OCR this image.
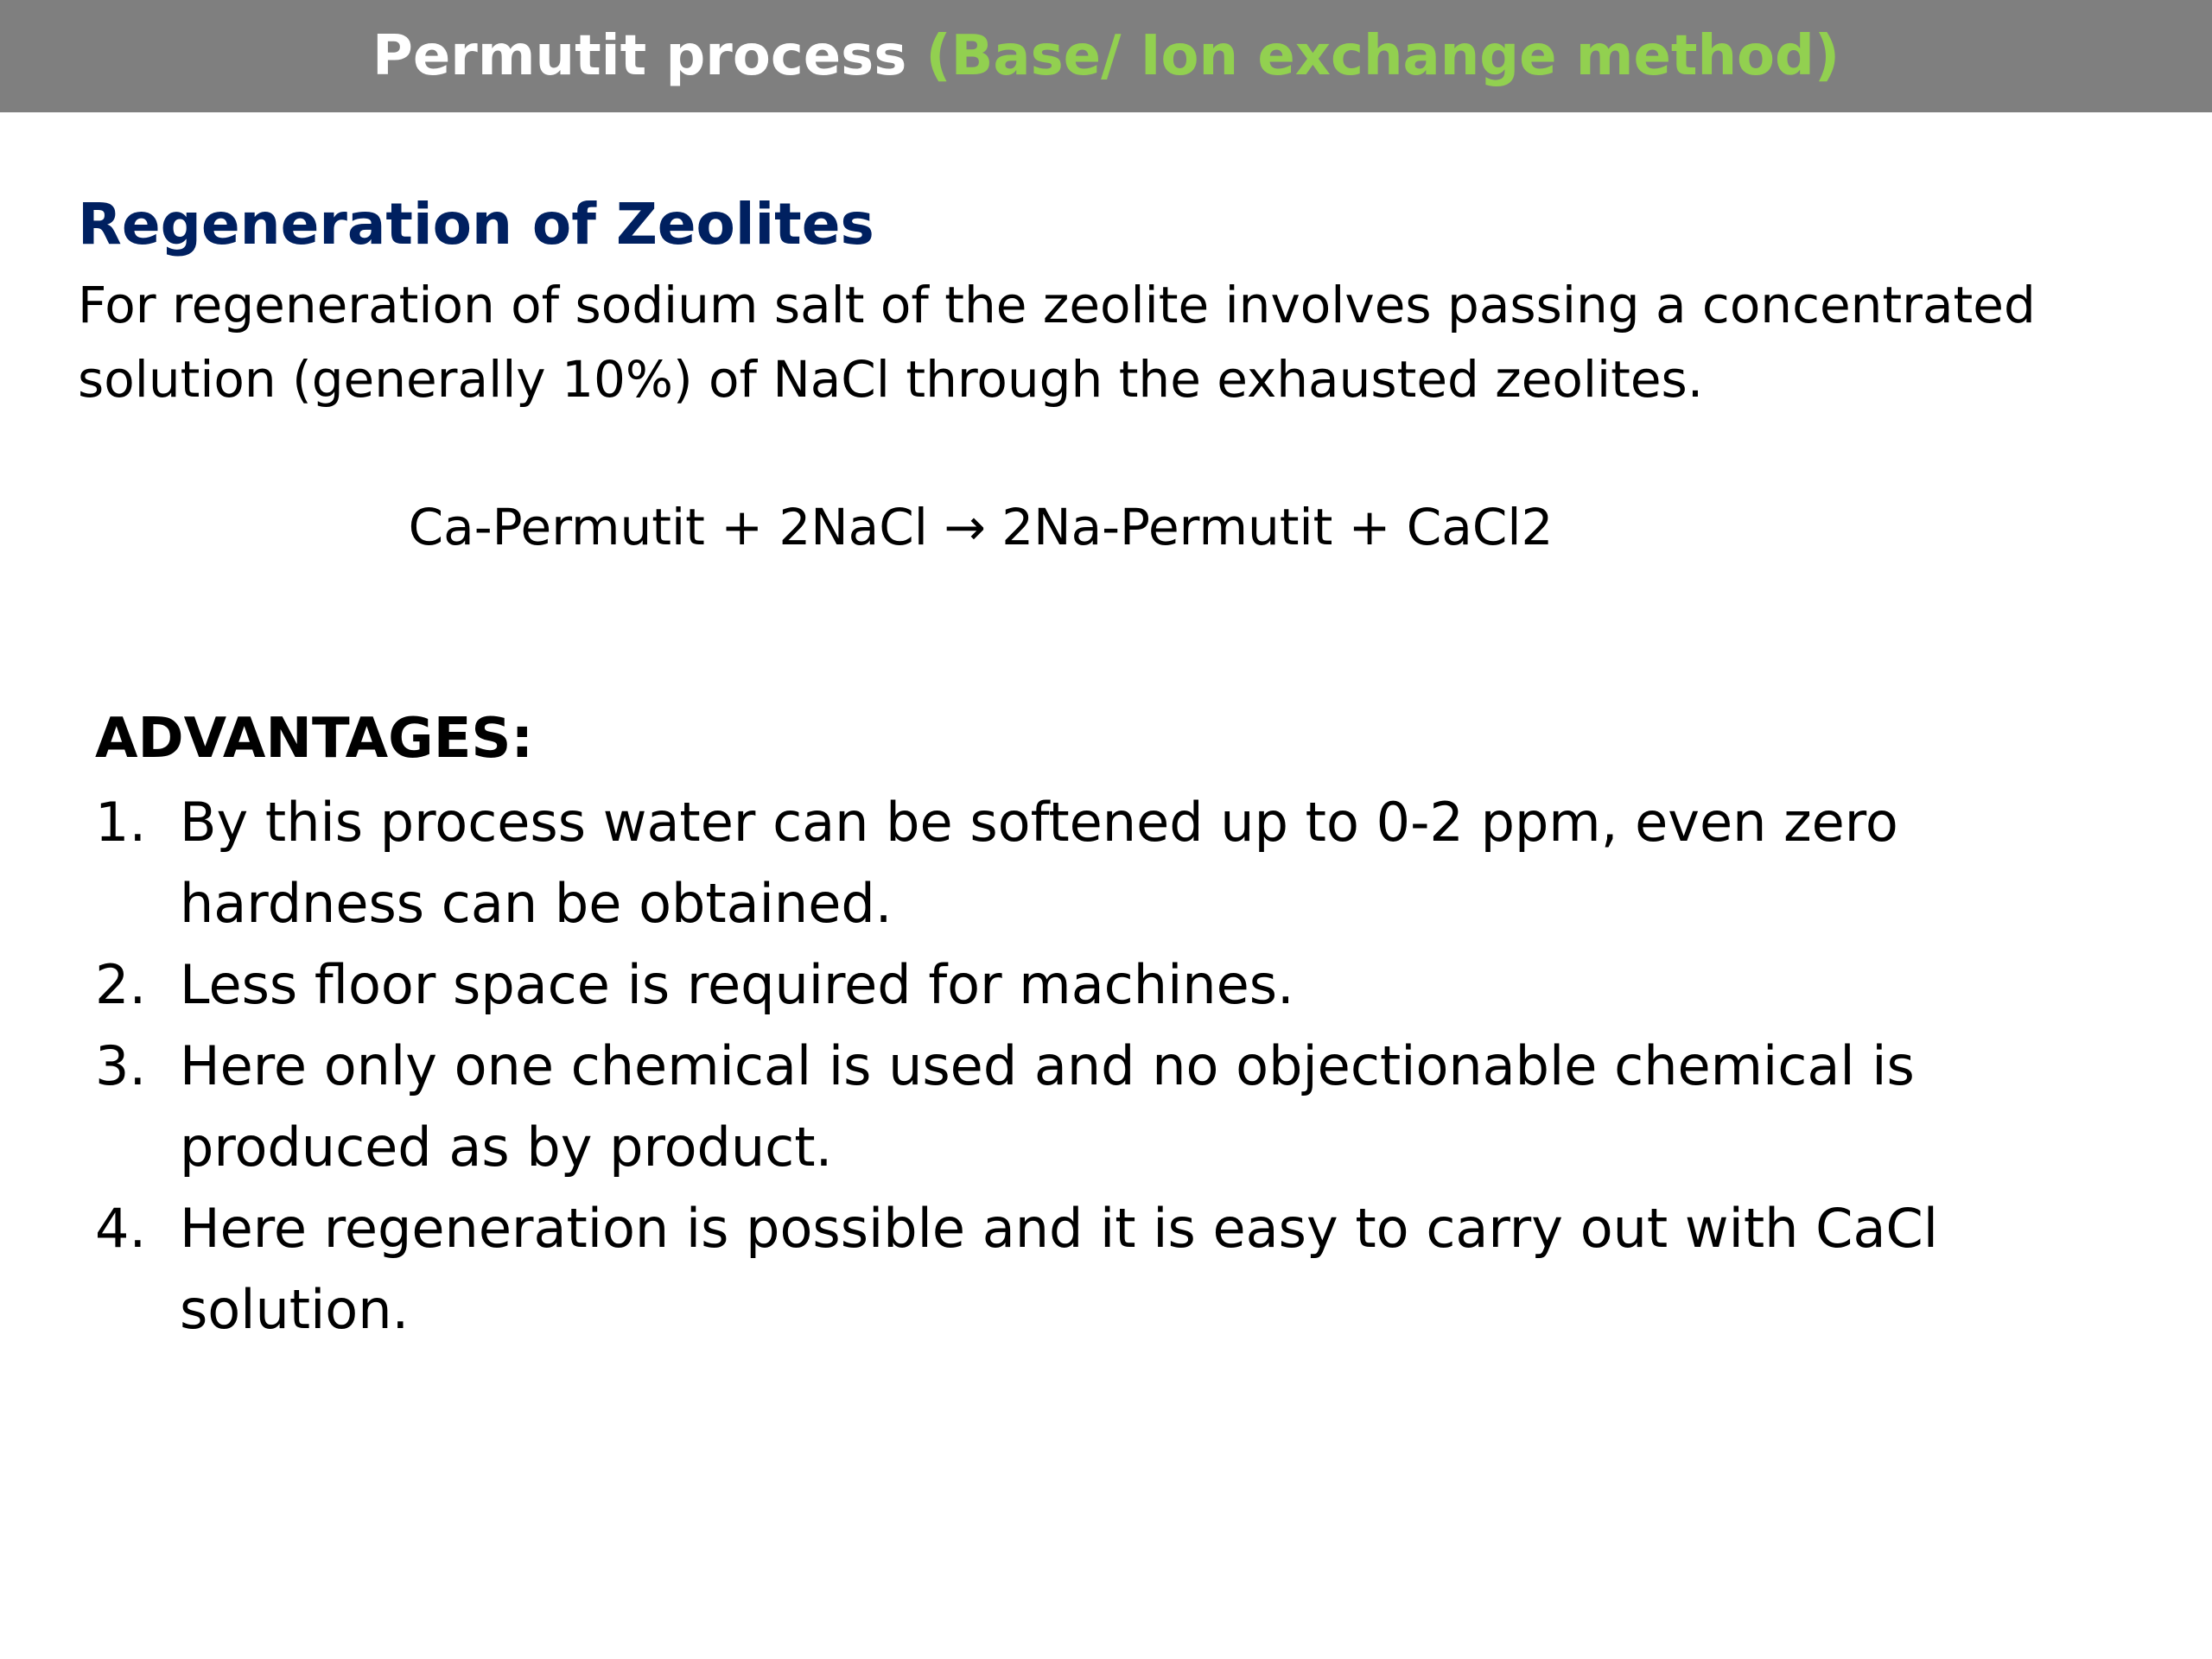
Permutit process (Base/ Ion exchange method)
Regeneration of Zeolites
For regeneration of sodium salt of the zeolite involves passing a concentrated
solution (generally 10%) of NaCl through the exhausted zeolites.
Ca-Permutit + 2NaCl → 2Na-Permutit + CaCl2
ADVANTAGES:
1. By this process water can be softened up to 0-2 ppm, even zero
hardness can be obtained.
2. Less floor space is required for machines.
3. Here only one chemical is used and no objectionable chemical is
produced as by product.
4. Here regeneration is possible and it is easy to carry out with CaCl
solution.
